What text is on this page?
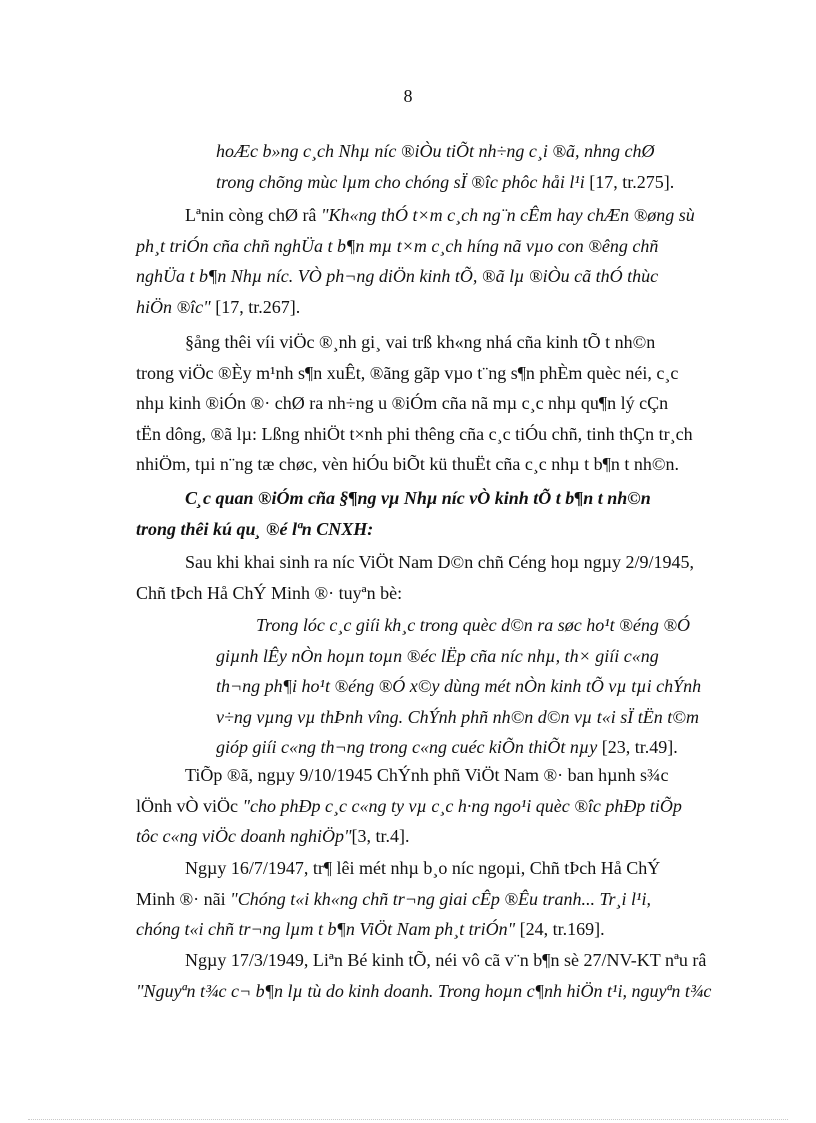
8
hoÆc b»ng c¸ch Nhµ níc ®iÒu tiÕt nh÷ng c¸i ®ã, nhng chØ
trong chõng mùc lµm cho chóng sÏ ®îc phôc håi l¹i [17, tr.275].
Lªnin còng chØ râ "Kh«ng thÓ t×m c¸ch ng¨n cÊm hay chÆn ®øng sù
ph¸t triÓn cña chñ nghÜa t b¶n mµ t×m c¸ch híng nã vµo con ®êng chñ
nghÜa t b¶n Nhµ níc. VÒ ph¬ng diÖn kinh tÕ, ®ã lµ ®iÒu cã thÓ thùc
hiÖn ®îc" [17, tr.267].
§ång thêi víi viÖc ®¸nh gi¸ vai trß kh«ng nhá cña kinh tÕ t nh©n
trong viÖc ®Èy m¹nh s¶n xuÊt, ®ãng gãp vµo t¨ng s¶n phÈm quèc néi, c¸c
nhµ kinh ®iÓn ®· chØ ra nh÷ng u ®iÓm cña nã mµ c¸c nhµ qu¶n lý cÇn
tËn dông, ®ã lµ: Lßng nhiÖt t×nh phi thêng cña c¸c tiÓu chñ, tinh thÇn tr¸ch
nhiÖm, tµi n¨ng tæ chøc, vèn hiÓu biÕt kü thuËt cña c¸c nhµ t b¶n t nh©n.
C¸c quan ®iÓm cña §¶ng vµ Nhµ níc vÒ kinh tÕ t b¶n t nh©n
trong thêi kú qu¸ ®é lªn CNXH:
Sau khi khai sinh ra níc ViÖt Nam D©n chñ Céng hoµ ngµy 2/9/1945,
Chñ tÞch Hå ChÝ Minh ®· tuyªn bè:
Trong lóc c¸c giíi kh¸c trong quèc d©n ra søc ho¹t ®éng ®Ó
giµnh lÊy nÒn hoµn toµn ®éc lËp cña níc nhµ, th× giíi c«ng
th¬ng ph¶i ho¹t ®éng ®Ó x©y dùng mét nÒn kinh tÕ vµ tµi chÝnh
v÷ng vµng vµ thÞnh vîng. ChÝnh phñ nh©n d©n vµ t«i sÏ tËn t©m
gióp giíi c«ng th¬ng trong c«ng cuéc kiÕn thiÕt nµy [23, tr.49].
TiÕp ®ã, ngµy 9/10/1945 ChÝnh phñ ViÖt Nam ®· ban hµnh s¾c
lÖnh vÒ viÖc "cho phÐp c¸c c«ng ty vµ c¸c h·ng ngo¹i quèc ®îc phÐp tiÕp
tôc c«ng viÖc doanh nghiÖp"[3, tr.4].
Ngµy 16/7/1947, tr¶ lêi mét nhµ b¸o níc ngoµi, Chñ tÞch Hå ChÝ
Minh ®· nãi "Chóng t«i kh«ng chñ tr¬ng giai cÊp ®Êu tranh... Tr¸i l¹i,
chóng t«i chñ tr¬ng lµm t b¶n ViÖt Nam ph¸t triÓn" [24, tr.169].
Ngµy 17/3/1949, Liªn Bé kinh tÕ, néi vô cã v¨n b¶n sè 27/NV-KT nªu râ
"Nguyªn t¾c c¬ b¶n lµ tù do kinh doanh. Trong hoµn c¶nh hiÖn t¹i, nguyªn t¾c
